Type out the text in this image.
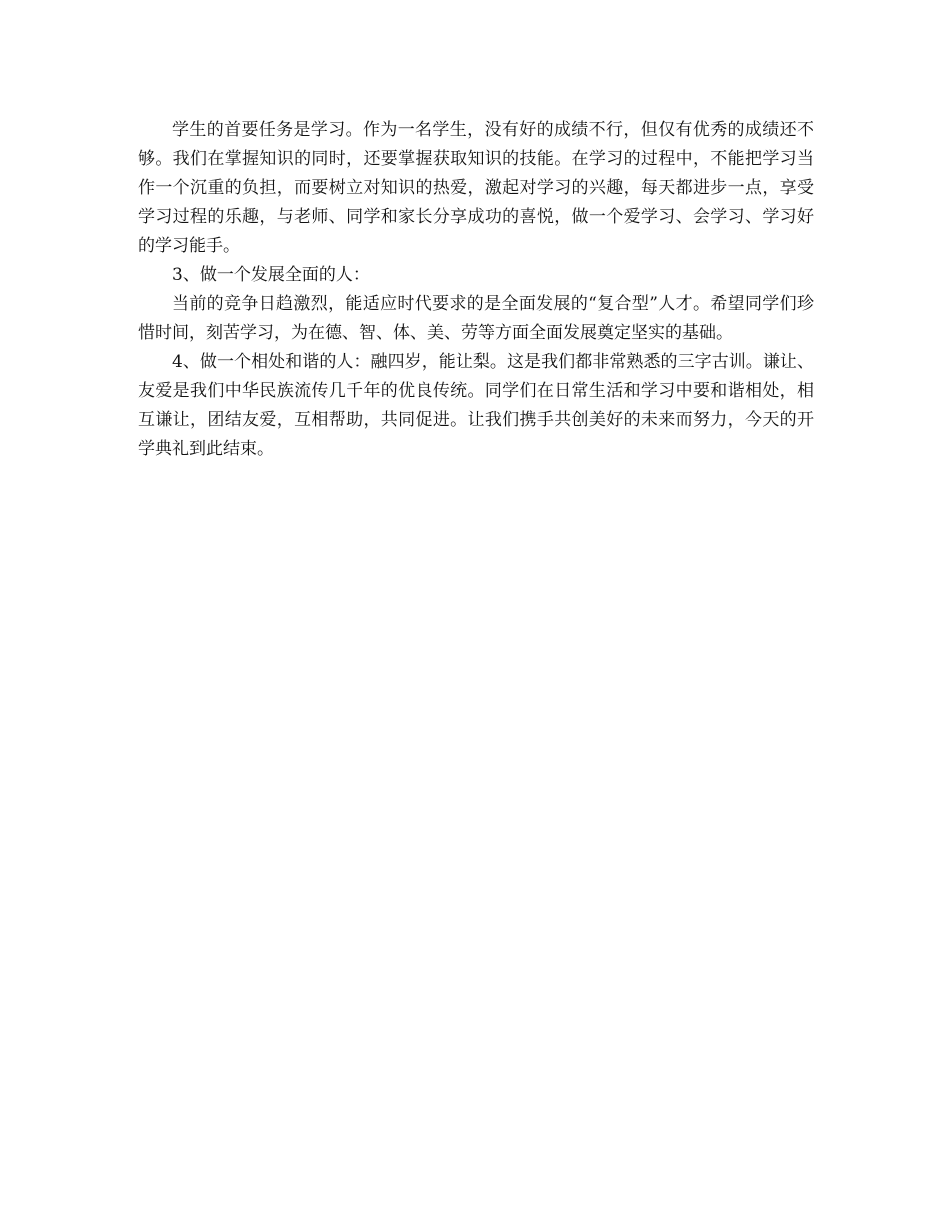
学生的首要任务是学习。作为一名学生，没有好的成绩不行，但仅有优秀的成绩还不够。我们在掌握知识的同时，还要掌握获取知识的技能。在学习的过程中，不能把学习当作一个沉重的负担，而要树立对知识的热爱，激起对学习的兴趣，每天都进步一点，享受学习过程的乐趣，与老师、同学和家长分享成功的喜悦，做一个爱学习、会学习、学习好的学习能手。

3、做一个发展全面的人：

当前的竞争日趋激烈，能适应时代要求的是全面发展的“复合型”人才。希望同学们珍惜时间，刻苦学习，为在德、智、体、美、劳等方面全面发展奠定坚实的基础。

4、做一个相处和谐的人：融四岁，能让梨。这是我们都非常熟悉的三字古训。谦让、友爱是我们中华民族流传几千年的优良传统。同学们在日常生活和学习中要和谐相处，相互谦让，团结友爱，互相帮助，共同促进。让我们携手共创美好的未来而努力，今天的开学典礼到此结束。
